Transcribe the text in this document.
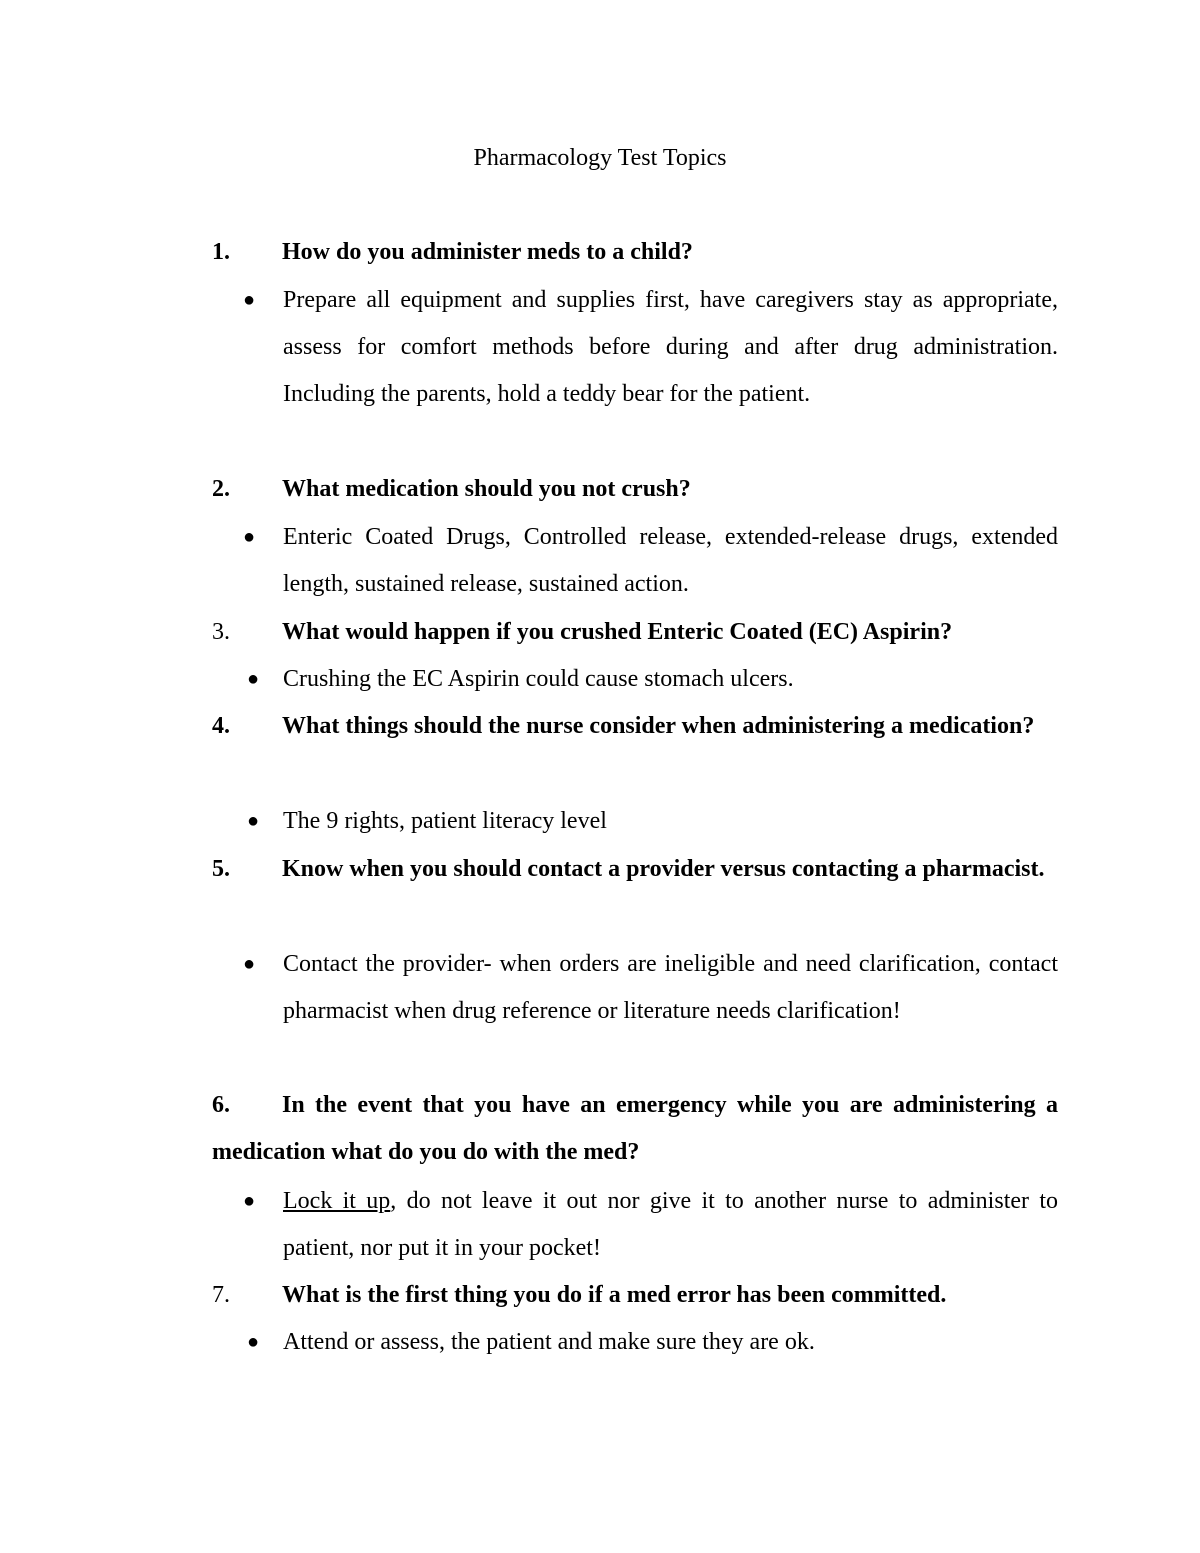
Pharmacology Test Topics
1. How do you administer meds to a child?
●	Prepare all equipment and supplies first, have caregivers stay as appropriate, assess for comfort methods before during and after drug administration. Including the parents, hold a teddy bear for the patient.
2. What medication should you not crush?
●	Enteric Coated Drugs, Controlled release, extended-release drugs, extended length, sustained release, sustained action.
3. What would happen if you crushed Enteric Coated (EC) Aspirin?
● Crushing the EC Aspirin could cause stomach ulcers.
4. What things should the nurse consider when administering a medication?
● The 9 rights, patient literacy level
5. Know when you should contact a provider versus contacting a pharmacist.
●	Contact the provider- when orders are ineligible and need clarification, contact pharmacist when drug reference or literature needs clarification!
6. In the event that you have an emergency while you are administering a medication what do you do with the med?
●	Lock it up, do not leave it out nor give it to another nurse to administer to patient, nor put it in your pocket!
7. What is the first thing you do if a med error has been committed.
● Attend or assess, the patient and make sure they are ok.
